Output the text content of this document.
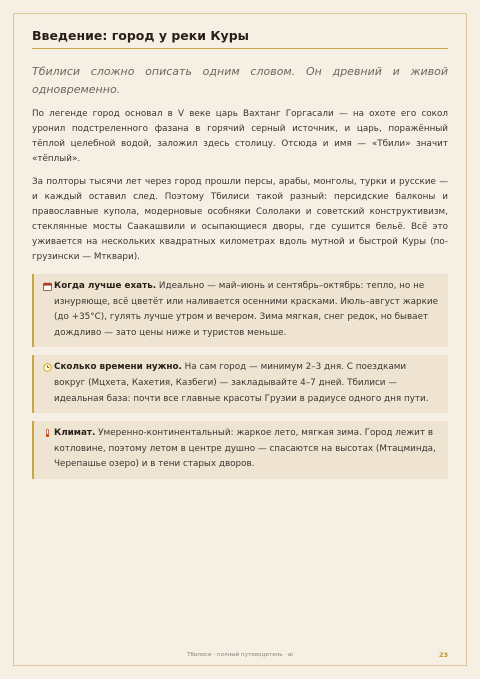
Введение: город у реки Куры

Тбилиси сложно описать одним словом. Он древний и живой одновременно.

По легенде город основал в V веке царь Вахтанг Горгасали — на охоте его сокол уронил подстреленного фазана в горячий серный источник, и царь, поражённый тёплой целебной водой, заложил здесь столицу. Отсюда и имя — «Тбили» значит «тёплый».

За полторы тысячи лет через город прошли персы, арабы, монголы, турки и русские — и каждый оставил след. Поэтому Тбилиси такой разный: персидские балконы и православные купола, модерновые особняки Сололаки и советский конструктивизм, стеклянные мосты Саакашвили и осыпающиеся дворы, где сушится бельё. Всё это уживается на нескольких квадратных километрах вдоль мутной и быстрой Куры (по-грузински — Мтквари).

Когда лучше ехать. Идеально — май–июнь и сентябрь–октябрь: тепло, но не изнуряюще, всё цветёт или наливается осенними красками. Июль–август жаркие (до +35°C), гулять лучше утром и вечером. Зима мягкая, снег редок, но бывает дождливо — зато цены ниже и туристов меньше.
Сколько времени нужно. На сам город — минимум 2–3 дня. С поездками вокруг (Мцхета, Кахетия, Казбеги) — закладывайте 4–7 дней. Тбилиси — идеальная база: почти все главные красоты Грузии в радиусе одного дня пути.
Климат. Умеренно-континентальный: жаркое лето, мягкая зима. Город лежит в котловине, поэтому летом в центре душно — спасаются на высотах (Мтацминда, Черепашье озеро) и в тени старых дворов.
Тбилиси · полный путеводитель · ai	23
